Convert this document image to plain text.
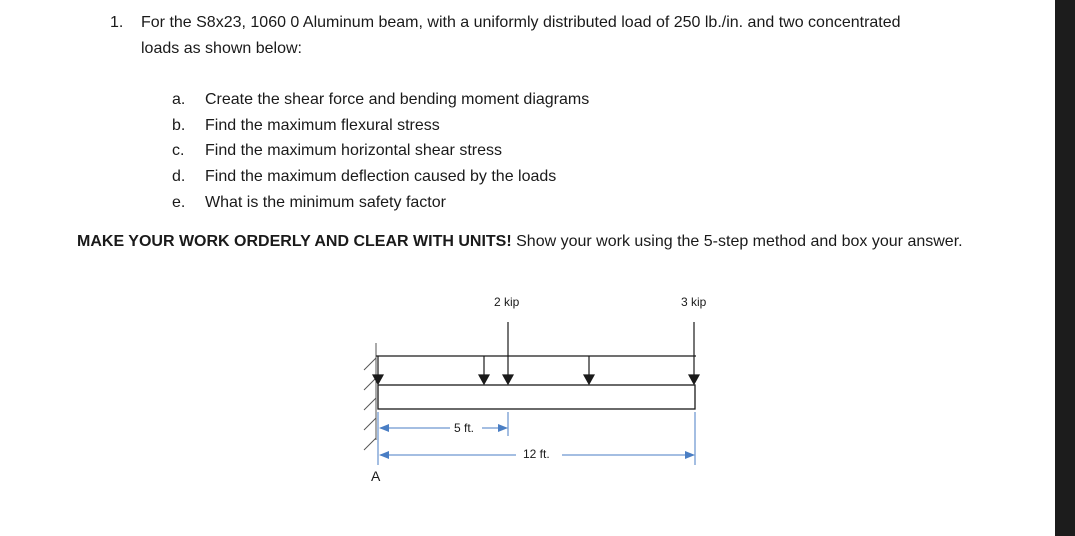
1. For the S8x23, 1060 0 Aluminum beam, with a uniformly distributed load of 250 lb./in. and two concentrated
loads as shown below:
a. Create the shear force and bending moment diagrams
b. Find the maximum flexural stress
c. Find the maximum horizontal shear stress
d. Find the maximum deflection caused by the loads
e. What is the minimum safety factor
MAKE YOUR WORK ORDERLY AND CLEAR WITH UNITS! Show your work using the 5-step method and box your answer.
5 ft.
12 ft.
2 kip	3 kip
A
